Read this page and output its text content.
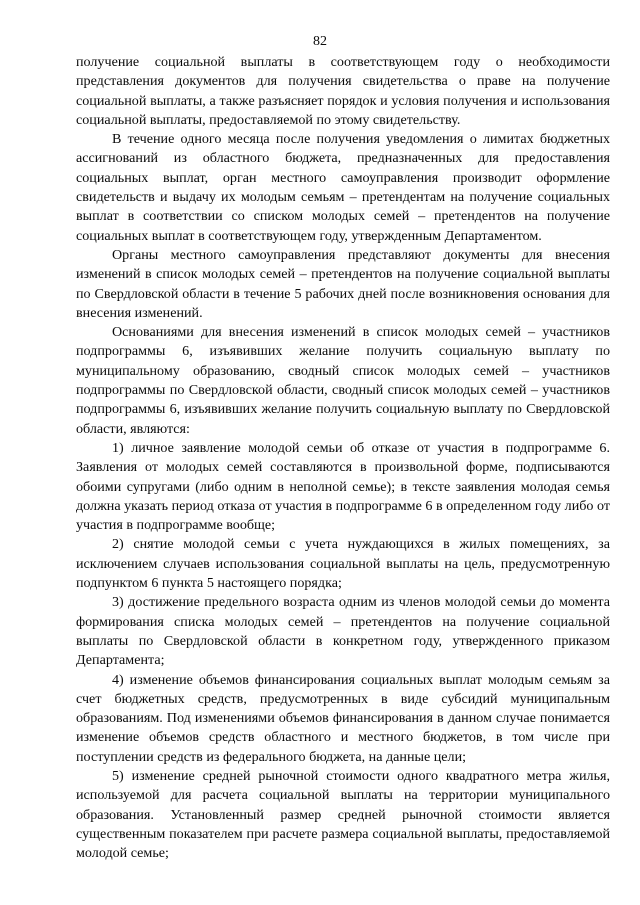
82

получение социальной выплаты в соответствующем году о необходимости представления документов для получения свидетельства о праве на получение социальной выплаты, а также разъясняет порядок и условия получения и использования социальной выплаты, предоставляемой по этому свидетельству.

В течение одного месяца после получения уведомления о лимитах бюджетных ассигнований из областного бюджета, предназначенных для предоставления социальных выплат, орган местного самоуправления производит оформление свидетельств и выдачу их молодым семьям – претендентам на получение социальных выплат в соответствии со списком молодых семей – претендентов на получение социальных выплат в соответствующем году, утвержденным Департаментом.

Органы местного самоуправления представляют документы для внесения изменений в список молодых семей – претендентов на получение социальной выплаты по Свердловской области в течение 5 рабочих дней после возникновения основания для внесения изменений.

Основаниями для внесения изменений в список молодых семей – участников подпрограммы 6, изъявивших желание получить социальную выплату по муниципальному образованию, сводный список молодых семей – участников подпрограммы по Свердловской области, сводный список молодых семей – участников подпрограммы 6, изъявивших желание получить социальную выплату по Свердловской области, являются:

1) личное заявление молодой семьи об отказе от участия в подпрограмме 6. Заявления от молодых семей составляются в произвольной форме, подписываются обоими супругами (либо одним в неполной семье); в тексте заявления молодая семья должна указать период отказа от участия в подпрограмме 6 в определенном году либо от участия в подпрограмме вообще;

2) снятие молодой семьи с учета нуждающихся в жилых помещениях, за исключением случаев использования социальной выплаты на цель, предусмотренную подпунктом 6 пункта 5 настоящего порядка;

3) достижение предельного возраста одним из членов молодой семьи до момента формирования списка молодых семей – претендентов на получение социальной выплаты по Свердловской области в конкретном году, утвержденного приказом Департамента;

4) изменение объемов финансирования социальных выплат молодым семьям за счет бюджетных средств, предусмотренных в виде субсидий муниципальным образованиям. Под изменениями объемов финансирования в данном случае понимается изменение объемов средств областного и местного бюджетов, в том числе при поступлении средств из федерального бюджета, на данные цели;

5) изменение средней рыночной стоимости одного квадратного метра жилья, используемой для расчета социальной выплаты на территории муниципального образования. Установленный размер средней рыночной стоимости является существенным показателем при расчете размера социальной выплаты, предоставляемой молодой семье;
